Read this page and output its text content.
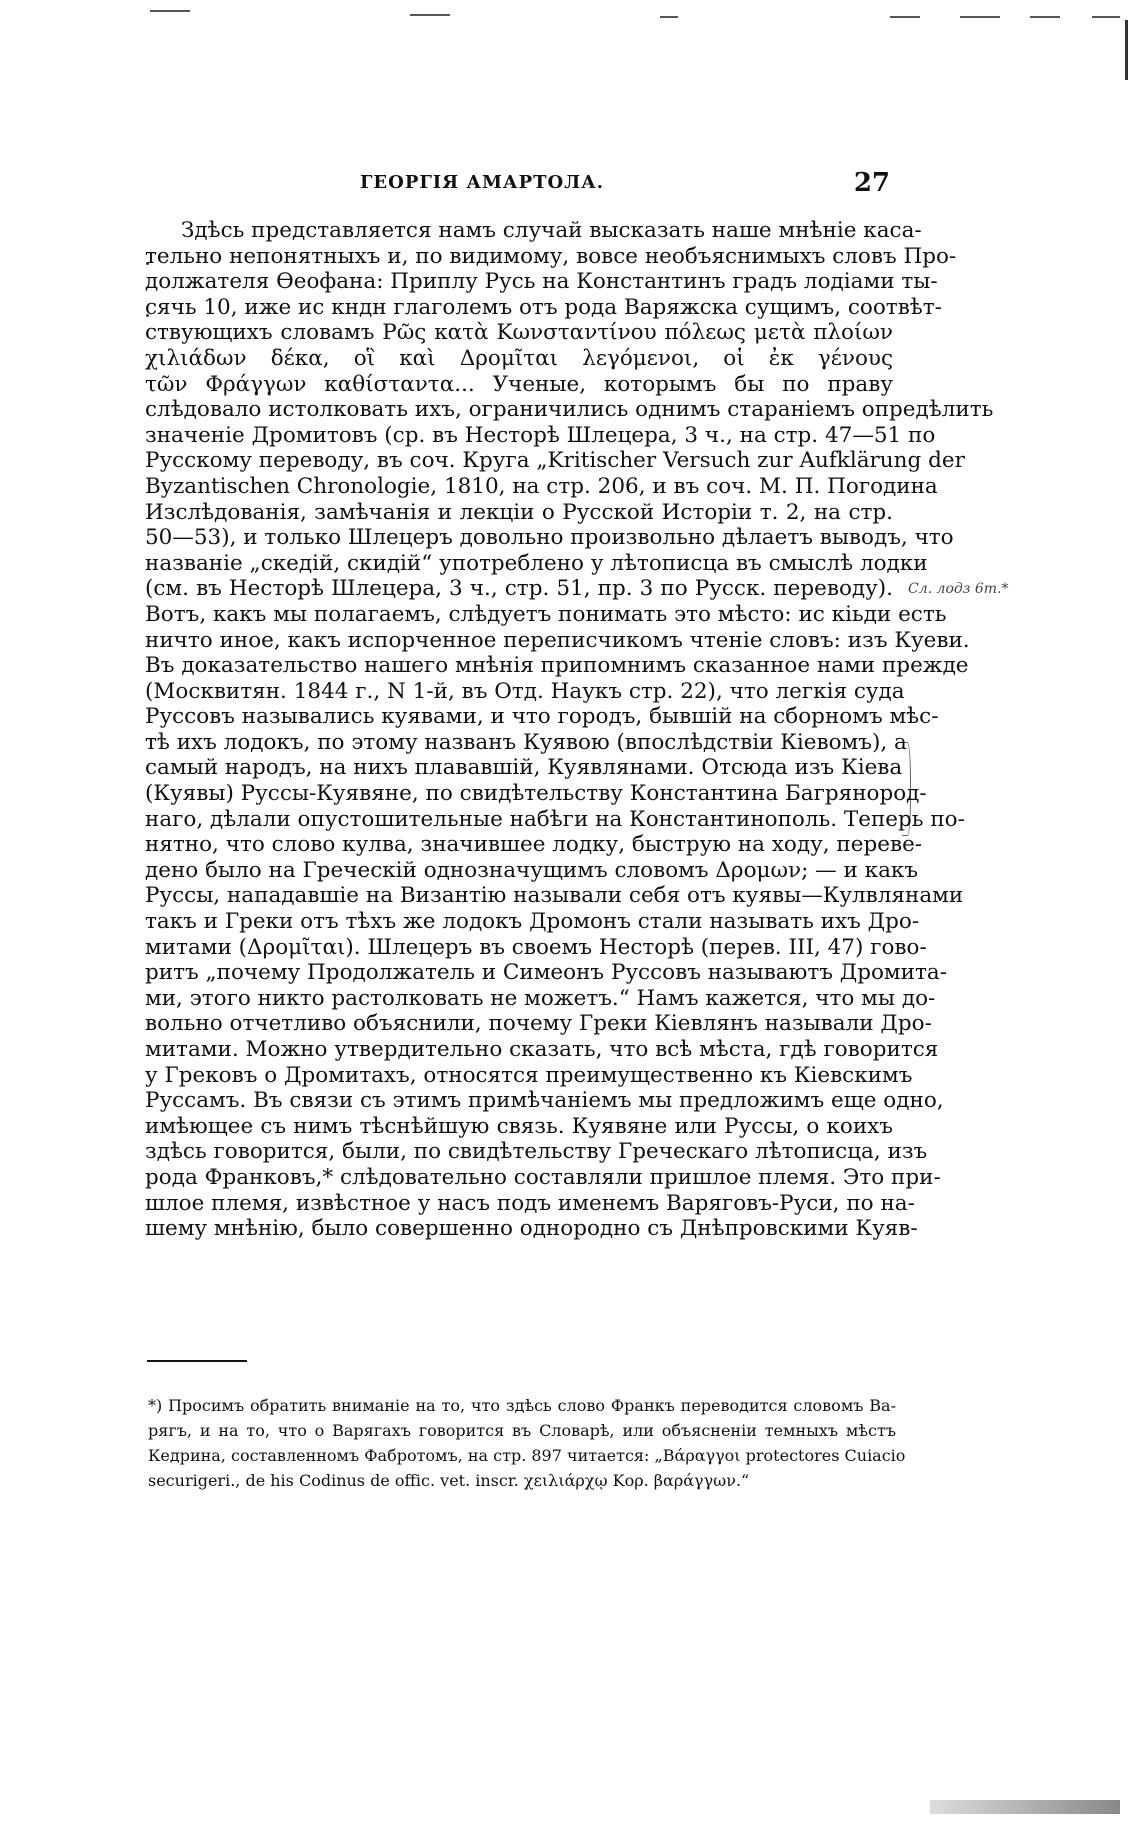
ГЕОРГІЯ АМАРТОЛА.	27
Сл. лодз 6т.*
Здѣсь представляется намъ случай высказать наше мнѣніе каса-
тельно непонятныхъ и, по видимому, вовсе необъяснимыхъ словъ Про-
должателя Ѳеофана: Приплу Русь на Константинъ градъ лодіами ты-
сячь 10, иже ис кндн глаголемъ отъ рода Варяжска сущимъ, соотвѣт-
ствующихъ словамъ Ρῶς κατὰ Κωνσταντίνου πόλεως μετὰ πλοίων
χιλιάδων δέκα, οἳ καὶ Δρομῖται λεγόμενοι, οἱ ἐκ γένους
τῶν Φράγγων καθίσταντα... Ученые, которымъ бы по праву
слѣдовало истолковать ихъ, ограничились однимъ стараніемъ опредѣлить
значеніе Дромитовъ (ср. въ Несторѣ Шлецера, 3 ч., на стр. 47—51 по
Русскому переводу, въ соч. Круга „Kritischer Versuch zur Aufklärung der
Byzantischen Chronologie, 1810, на стр. 206, и въ соч. М. П. Погодина
Изслѣдованія, замѣчанія и лекціи о Русской Исторіи т. 2, на стр.
50—53), и только Шлецеръ довольно произвольно дѣлаетъ выводъ, что
названіе „скедій, скидій“ употреблено у лѣтописца въ смыслѣ лодки
(см. въ Несторѣ Шлецера, 3 ч., стр. 51, пр. 3 по Русск. переводу).
Вотъ, какъ мы полагаемъ, слѣдуетъ понимать это мѣсто: ис кіьди есть
ничто иное, какъ испорченное переписчикомъ чтеніе словъ: изъ Куеви.
Въ доказательство нашего мнѣнія припомнимъ сказанное нами прежде
(Москвитян. 1844 г., N 1-й, въ Отд. Наукъ стр. 22), что легкія суда
Руссовъ назывались куявами, и что городъ, бывшій на сборномъ мѣс-
тѣ ихъ лодокъ, по этому названъ Куявою (впослѣдствіи Кіевомъ), а
самый народъ, на нихъ плававшій, Куявлянами. Отсюда изъ Кіева
(Куявы) Руссы-Куявяне, по свидѣтельству Константина Багрянород-
наго, дѣлали опустошительные набѣги на Константинополь. Теперь по-
нятно, что слово кулва, значившее лодку, быструю на ходу, переве-
дено было на Греческій однозначущимъ словомъ Δρομων; — и какъ
Руссы, нападавшіе на Византію называли себя отъ куявы—Кулвлянами
такъ и Греки отъ тѣхъ же лодокъ Дромонъ стали называть ихъ Дро-
митами (Δρομῖται). Шлецеръ въ своемъ Несторѣ (перев. III, 47) гово-
ритъ „почему Продолжатель и Симеонъ Руссовъ называютъ Дромита-
ми, этого никто растолковать не можетъ.“ Намъ кажется, что мы до-
вольно отчетливо объяснили, почему Греки Кіевлянъ называли Дро-
митами. Можно утвердительно сказать, что всѣ мѣста, гдѣ говорится
у Грековъ о Дромитахъ, относятся преимущественно къ Кіевскимъ
Руссамъ. Въ связи съ этимъ примѣчаніемъ мы предложимъ еще одно,
имѣющее съ нимъ тѣснѣйшую связь. Куявяне или Руссы, о коихъ
здѣсь говорится, были, по свидѣтельству Греческаго лѣтописца, изъ
рода Франковъ,* слѣдовательно составляли пришлое племя. Это при-
шлое племя, извѣстное у насъ подъ именемъ Варяговъ-Руси, по на-
шему мнѣнію, было совершенно однородно съ Днѣпровскими Куяв-
*) Просимъ обратить вниманіе на то, что здѣсь слово Франкъ переводится словомъ Ва-
рягъ, и на то, что о Варягахъ говорится въ Словарѣ, или объясненіи темныхъ мѣстъ
Кедрина, составленномъ Фабротомъ, на стр. 897 читается: „Βάραγγοι protectores Cuiacio
securigeri., de his Codinus de offic. vet. inscr. χειλιάρχῳ Κορ. βαράγγων.“
